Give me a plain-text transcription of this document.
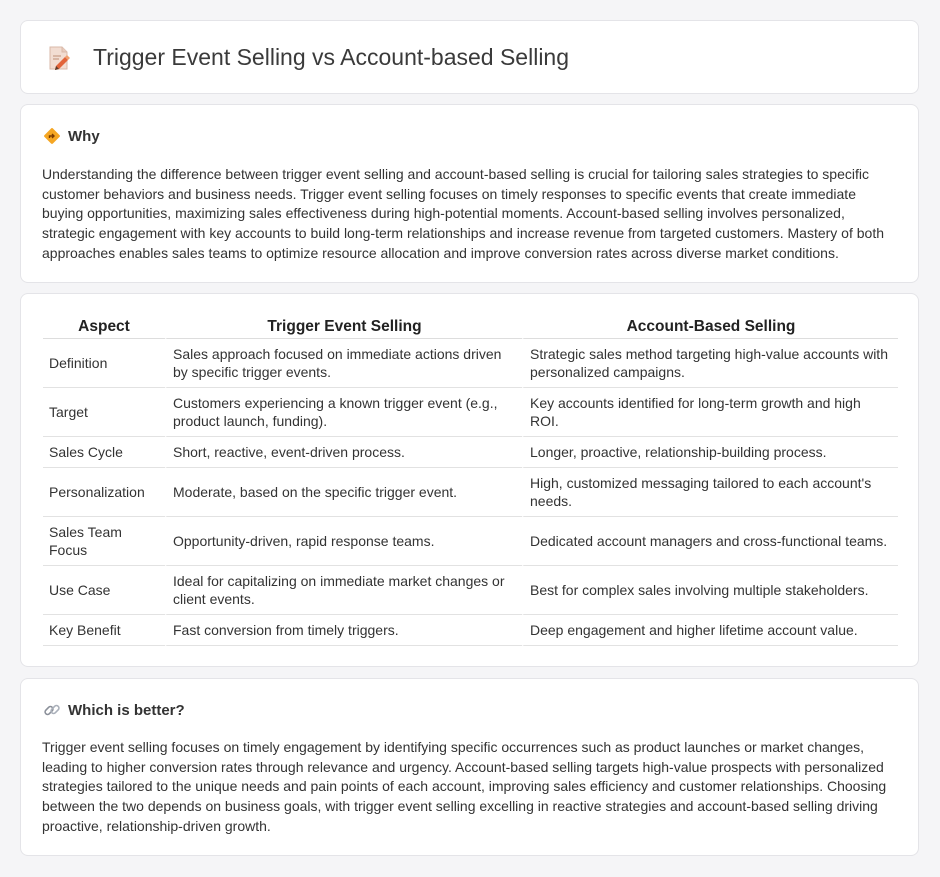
Trigger Event Selling vs Account-based Selling
Why

Understanding the difference between trigger event selling and account-based selling is crucial for tailoring sales strategies to specific customer behaviors and business needs. Trigger event selling focuses on timely responses to specific events that create immediate buying opportunities, maximizing sales effectiveness during high-potential moments. Account-based selling involves personalized, strategic engagement with key accounts to build long-term relationships and increase revenue from targeted customers. Mastery of both approaches enables sales teams to optimize resource allocation and improve conversion rates across diverse market conditions.

Aspect	Trigger Event Selling	Account-Based Selling
Definition	Sales approach focused on immediate actions driven by specific trigger events.	Strategic sales method targeting high-value accounts with personalized campaigns.
Target	Customers experiencing a known trigger event (e.g., product launch, funding).	Key accounts identified for long-term growth and high ROI.
Sales Cycle	Short, reactive, event-driven process.	Longer, proactive, relationship-building process.
Personalization	Moderate, based on the specific trigger event.	High, customized messaging tailored to each account's needs.
Sales Team Focus	Opportunity-driven, rapid response teams.	Dedicated account managers and cross-functional teams.
Use Case	Ideal for capitalizing on immediate market changes or client events.	Best for complex sales involving multiple stakeholders.
Key Benefit	Fast conversion from timely triggers.	Deep engagement and higher lifetime account value.
Which is better?

Trigger event selling focuses on timely engagement by identifying specific occurrences such as product launches or market changes, leading to higher conversion rates through relevance and urgency. Account-based selling targets high-value prospects with personalized strategies tailored to the unique needs and pain points of each account, improving sales efficiency and customer relationships. Choosing between the two depends on business goals, with trigger event selling excelling in reactive strategies and account-based selling driving proactive, relationship-driven growth.
